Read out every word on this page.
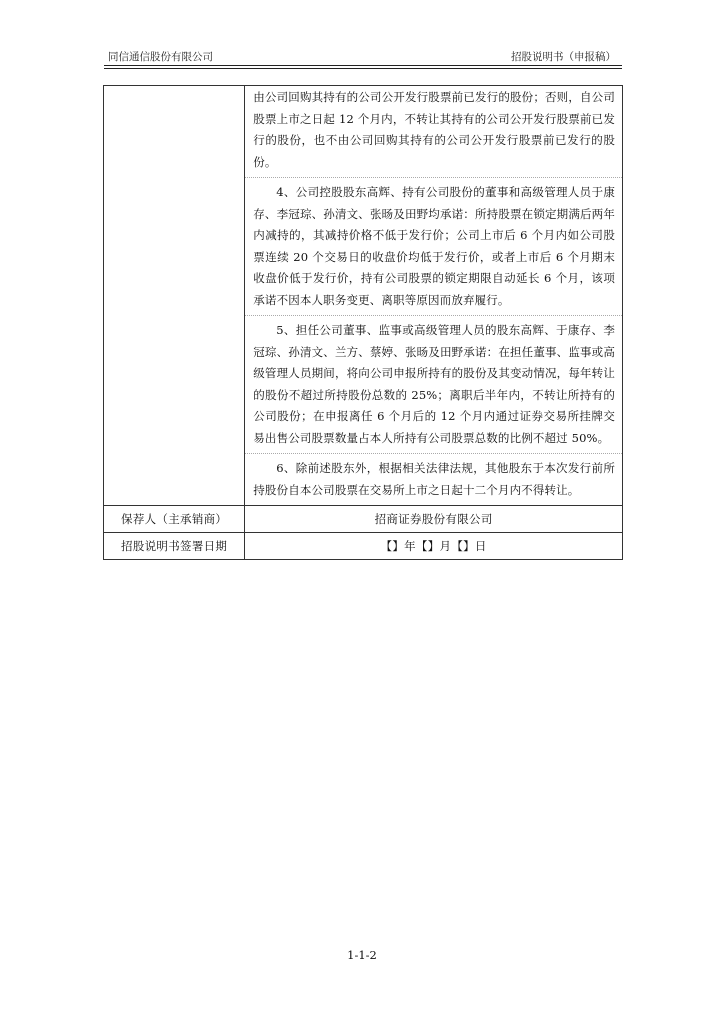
同信通信股份有限公司	招股说明书（申报稿）

	由公司回购其持有的公司公开发行股票前已发行的股份；否则，自公司股票上市之日起 12 个月内，不转让其持有的公司公开发行股票前已发行的股份，也不由公司回购其持有的公司公开发行股票前已发行的股份。
4、公司控股股东高辉、持有公司股份的董事和高级管理人员于康存、李冠琮、孙清文、张旸及田野均承诺：所持股票在锁定期满后两年内减持的，其减持价格不低于发行价；公司上市后 6 个月内如公司股票连续 20 个交易日的收盘价均低于发行价，或者上市后 6 个月期末收盘价低于发行价，持有公司股票的锁定期限自动延长 6 个月，该项承诺不因本人职务变更、离职等原因而放弃履行。
5、担任公司董事、监事或高级管理人员的股东高辉、于康存、李冠琮、孙清文、兰方、蔡婷、张旸及田野承诺：在担任董事、监事或高级管理人员期间，将向公司申报所持有的股份及其变动情况，每年转让的股份不超过所持股份总数的 25%；离职后半年内，不转让所持有的公司股份；在申报离任 6 个月后的 12 个月内通过证券交易所挂牌交易出售公司股票数量占本人所持有公司股票总数的比例不超过 50%。
6、除前述股东外，根据相关法律法规，其他股东于本次发行前所持股份自本公司股票在交易所上市之日起十二个月内不得转让。

保荐人（主承销商）	招商证券股份有限公司
招股说明书签署日期	【】年【】月【】日
1-1-2
